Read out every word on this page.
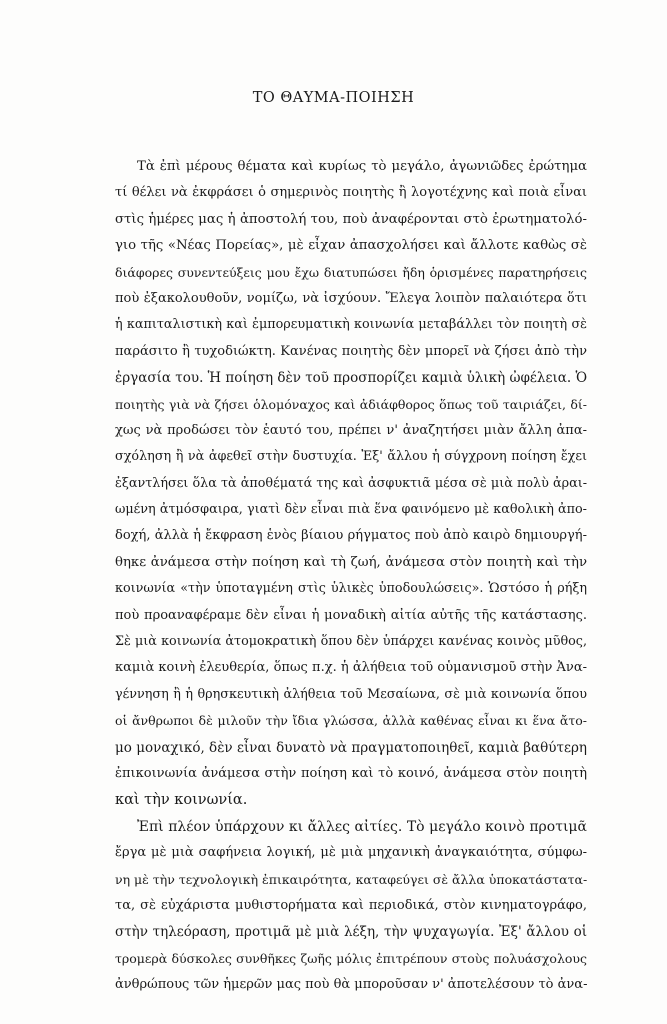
ΤΟ ΘΑΥΜΑ-ΠΟΙΗΣΗ
Τὰ ἐπὶ μέρους θέματα καὶ κυρίως τὸ μεγάλο, ἀγωνιῶδες ἐρώτημα
τί θέλει νὰ ἐκφράσει ὁ σημερινὸς ποιητὴς ἢ λογοτέχνης καὶ ποιὰ εἶναι
στὶς ἡμέρες μας ἡ ἀποστολή του, ποὺ ἀναφέρονται στὸ ἐρωτηματολό-
γιο τῆς «Νέας Πορείας», μὲ εἶχαν ἀπασχολήσει καὶ ἄλλοτε καθὼς σὲ
διάφορες συνεντεύξεις μου ἔχω διατυπώσει ἤδη ὁρισμένες παρατηρήσεις
ποὺ ἐξακολουθοῦν, νομίζω, νὰ ἰσχύουν. Ἔλεγα λοιπὸν παλαιότερα ὅτι
ἡ καπιταλιστικὴ καὶ ἐμπορευματικὴ κοινωνία μεταβάλλει τὸν ποιητὴ σὲ
παράσιτο ἢ τυχοδιώκτη. Κανένας ποιητὴς δὲν μπορεῖ νὰ ζήσει ἀπὸ τὴν
ἐργασία του. Ἡ ποίηση δὲν τοῦ προσπορίζει καμιὰ ὑλικὴ ὠφέλεια. Ὁ
ποιητὴς γιὰ νὰ ζήσει ὁλομόναχος καὶ ἀδιάφθορος ὅπως τοῦ ταιριάζει, δί-
χως νὰ προδώσει τὸν ἑαυτό του, πρέπει ν' ἀναζητήσει μιὰν ἄλλη ἀπα-
σχόληση ἢ νὰ ἀφεθεῖ στὴν δυστυχία. Ἐξ' ἄλλου ἡ σύγχρονη ποίηση ἔχει
ἐξαντλήσει ὅλα τὰ ἀποθέματά της καὶ ἀσφυκτιᾶ μέσα σὲ μιὰ πολὺ ἀραι-
ωμένη ἀτμόσφαιρα, γιατὶ δὲν εἶναι πιὰ ἕνα φαινόμενο μὲ καθολικὴ ἀπο-
δοχή, ἀλλὰ ἡ ἔκφραση ἑνὸς βίαιου ρήγματος ποὺ ἀπὸ καιρὸ δημιουργή-
θηκε ἀνάμεσα στὴν ποίηση καὶ τὴ ζωή, ἀνάμεσα στὸν ποιητὴ καὶ τὴν
κοινωνία «τὴν ὑποταγμένη στὶς ὑλικὲς ὑποδουλώσεις». Ὡστόσο ἡ ρήξη
ποὺ προαναφέραμε δὲν εἶναι ἡ μοναδικὴ αἰτία αὐτῆς τῆς κατάστασης.
Σὲ μιὰ κοινωνία ἀτομοκρατικὴ ὅπου δὲν ὑπάρχει κανένας κοινὸς μῦθος,
καμιὰ κοινὴ ἐλευθερία, ὅπως π.χ. ἡ ἀλήθεια τοῦ οὑμανισμοῦ στὴν Ἀνα-
γέννηση ἢ ἡ θρησκευτικὴ ἀλήθεια τοῦ Μεσαίωνα, σὲ μιὰ κοινωνία ὅπου
οἱ ἄνθρωποι δὲ μιλοῦν τὴν ἴδια γλώσσα, ἀλλὰ καθένας εἶναι κι ἕνα ἄτο-
μο μοναχικό, δὲν εἶναι δυνατὸ νὰ πραγματοποιηθεῖ, καμιὰ βαθύτερη
ἐπικοινωνία ἀνάμεσα στὴν ποίηση καὶ τὸ κοινό, ἀνάμεσα στὸν ποιητὴ
καὶ τὴν κοινωνία.
Ἐπὶ πλέον ὑπάρχουν κι ἄλλες αἰτίες. Τὸ μεγάλο κοινὸ προτιμᾶ
ἔργα μὲ μιὰ σαφήνεια λογική, μὲ μιὰ μηχανικὴ ἀναγκαιότητα, σύμφω-
νη μὲ τὴν τεχνολογικὴ ἐπικαιρότητα, καταφεύγει σὲ ἄλλα ὑποκατάστατα-
τα, σὲ εὐχάριστα μυθιστορήματα καὶ περιοδικά, στὸν κινηματογράφο,
στὴν τηλεόραση, προτιμᾶ μὲ μιὰ λέξη, τὴν ψυχαγωγία. Ἐξ' ἄλλου οἱ
τρομερὰ δύσκολες συνθῆκες ζωῆς μόλις ἐπιτρέπουν στοὺς πολυάσχολους
ἀνθρώπους τῶν ἡμερῶν μας ποὺ θὰ μποροῦσαν ν' ἀποτελέσουν τὸ ἀνα-
